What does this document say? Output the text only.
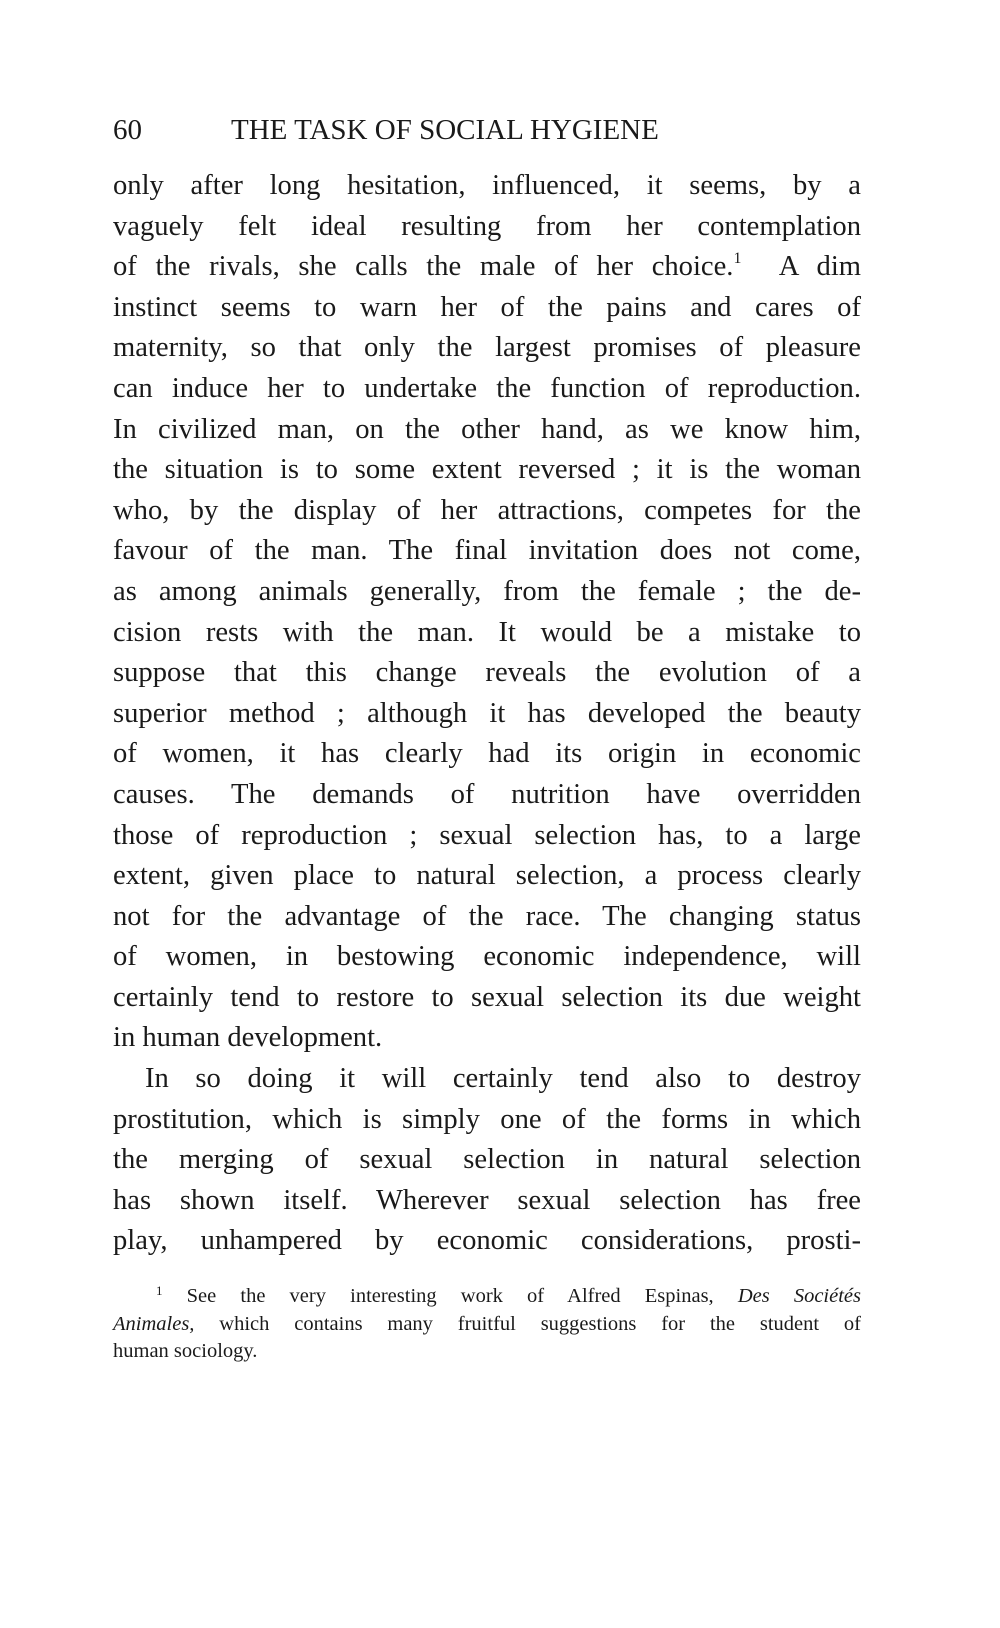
60	THE TASK OF SOCIAL HYGIENE
only after long hesitation, influenced, it seems, by a
vaguely felt ideal resulting from her contemplation
of the rivals, she calls the male of her choice.$^1$ A dim
instinct seems to warn her of the pains and cares of
maternity, so that only the largest promises of pleasure
can induce her to undertake the function of reproduction.
In civilized man, on the other hand, as we know him,
the situation is to some extent reversed ; it is the woman
who, by the display of her attractions, competes for the
favour of the man. The final invitation does not come,
as among animals generally, from the female ; the de-
cision rests with the man. It would be a mistake to
suppose that this change reveals the evolution of a
superior method ; although it has developed the beauty
of women, it has clearly had its origin in economic
causes. The demands of nutrition have overridden
those of reproduction ; sexual selection has, to a large
extent, given place to natural selection, a process clearly
not for the advantage of the race. The changing status
of women, in bestowing economic independence, will
certainly tend to restore to sexual selection its due weight
in human development.
In so doing it will certainly tend also to destroy
prostitution, which is simply one of the forms in which
the merging of sexual selection in natural selection
has shown itself. Wherever sexual selection has free
play, unhampered by economic considerations, prosti-
$^1$ See the very interesting work of Alfred Espinas, Des Sociétés
Animales, which contains many fruitful suggestions for the student of
human sociology.
